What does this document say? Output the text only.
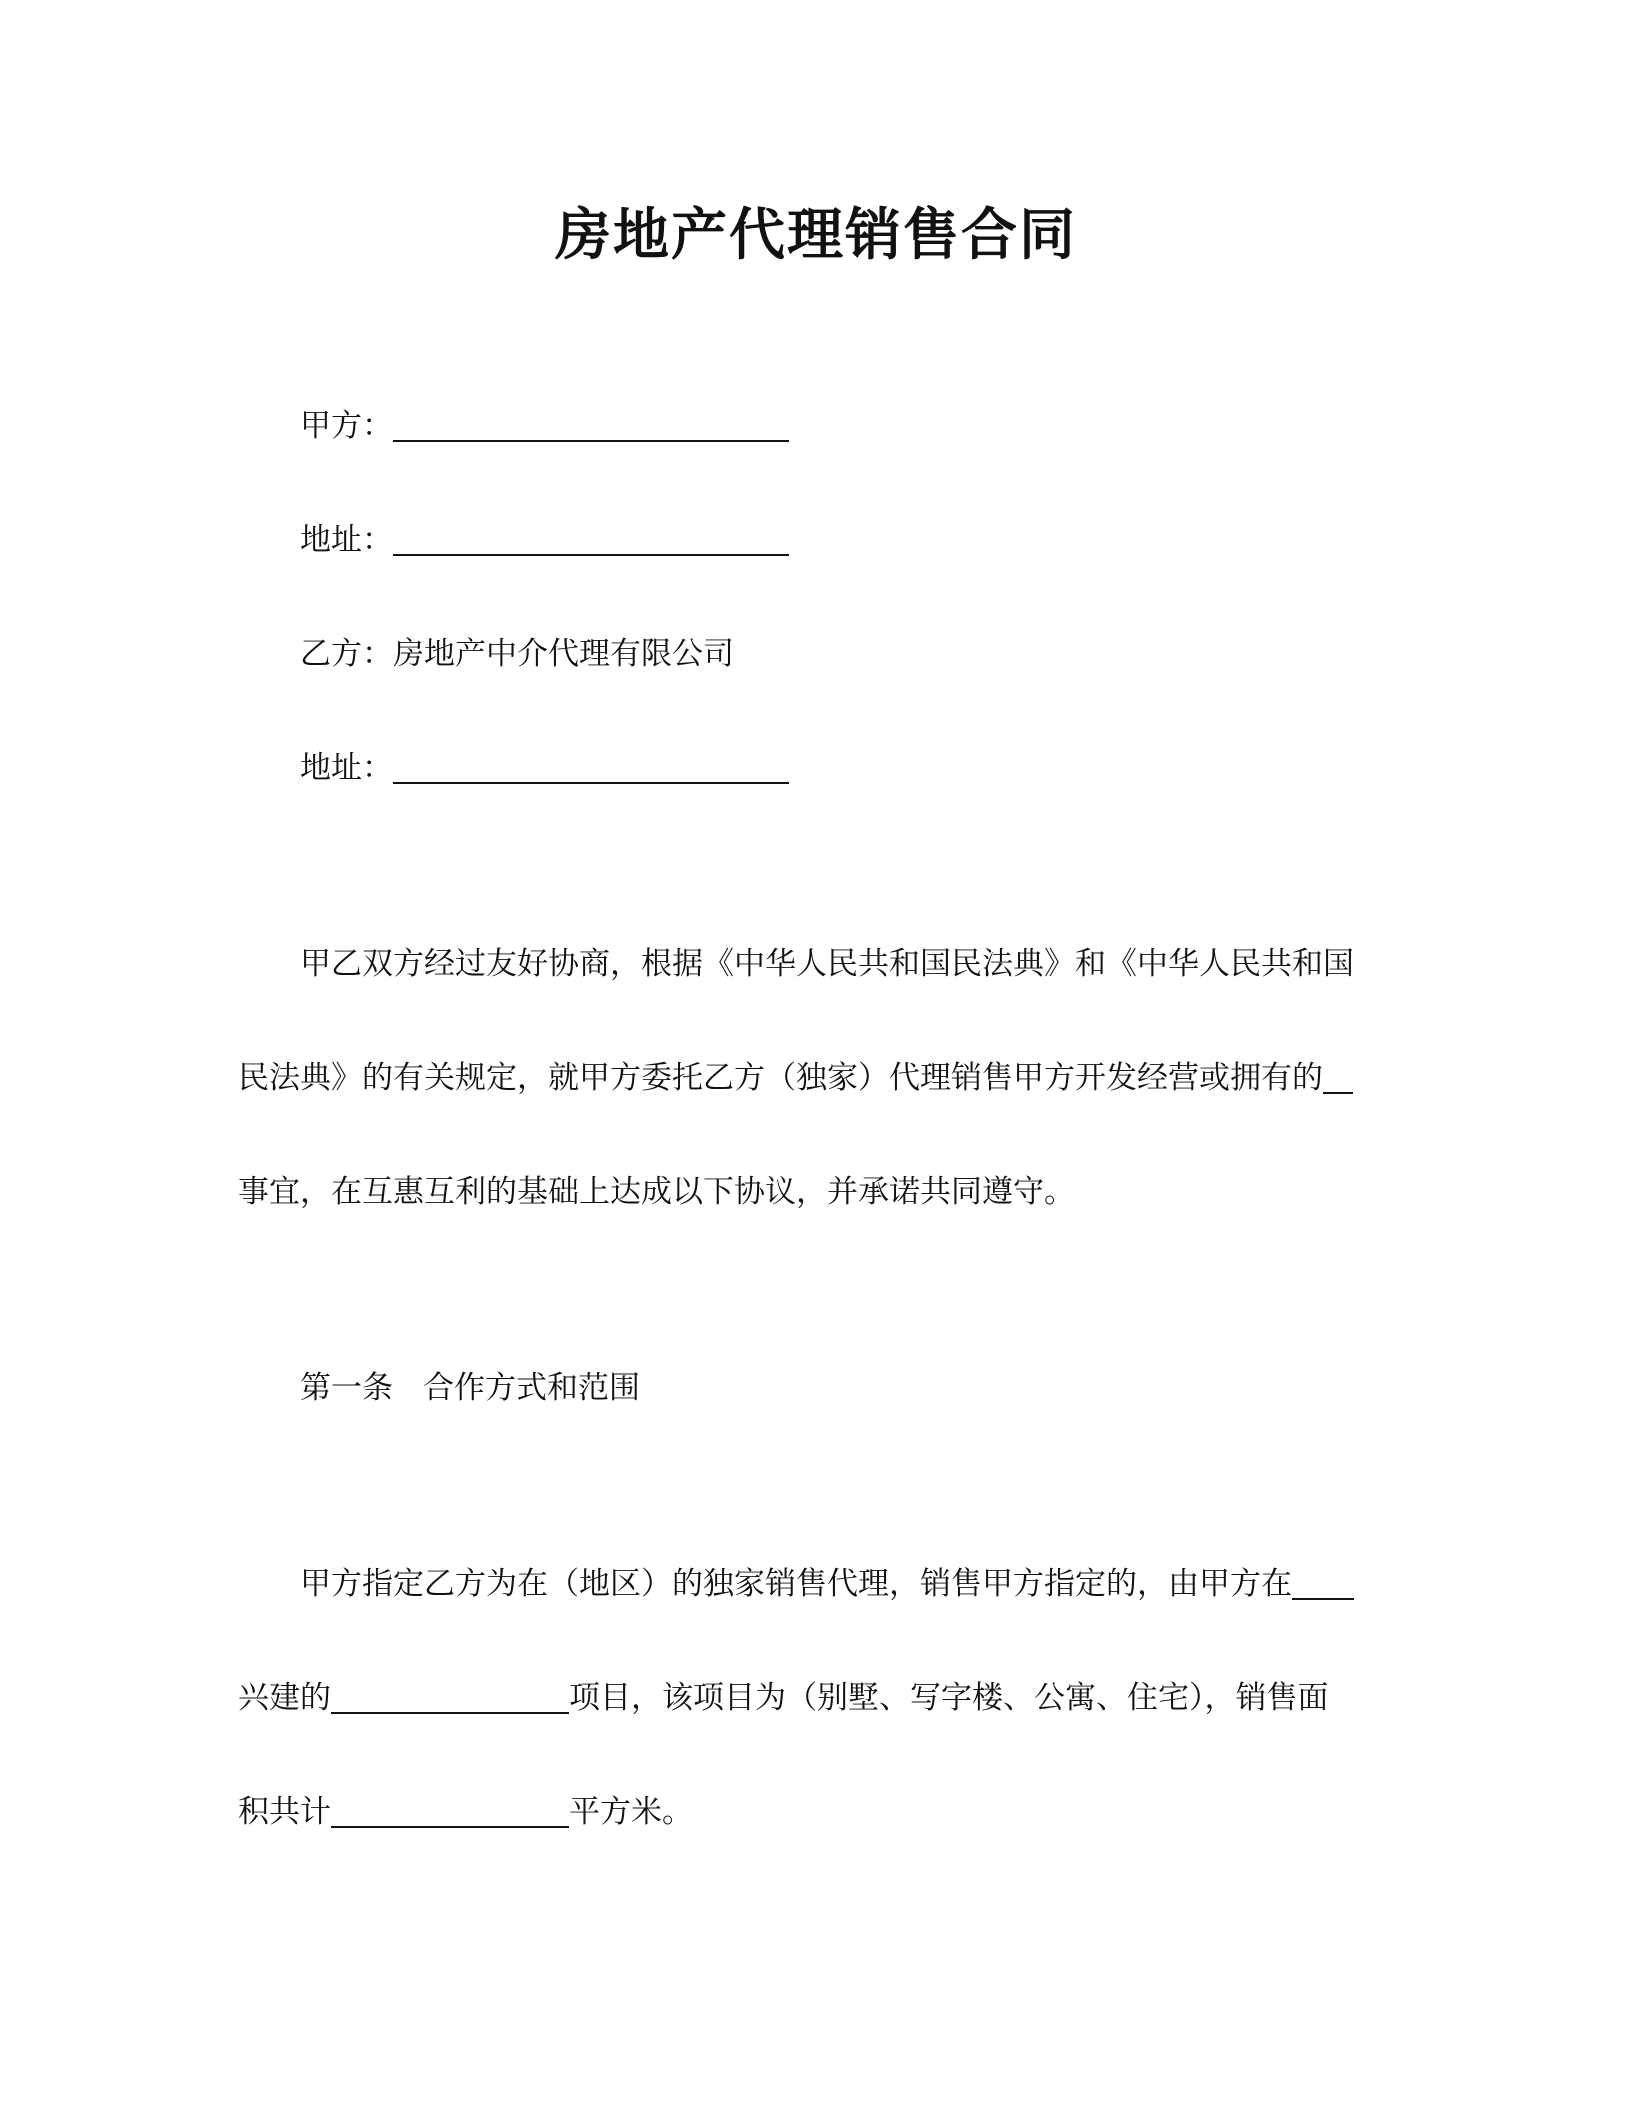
房地产代理销售合同
甲方：
地址：
乙方：房地产中介代理有限公司
地址：
甲乙双方经过友好协商，根据《中华人民共和国民法典》和《中华人民共和国
民法典》的有关规定，就甲方委托乙方（独家）代理销售甲方开发经营或拥有的
事宜，在互惠互利的基础上达成以下协议，并承诺共同遵守。
第一条 合作方式和范围
甲方指定乙方为在（地区）的独家销售代理，销售甲方指定的，由甲方在
兴建的	项目，该项目为（别墅、写字楼、公寓、住宅），销售面
积共计	平方米。
